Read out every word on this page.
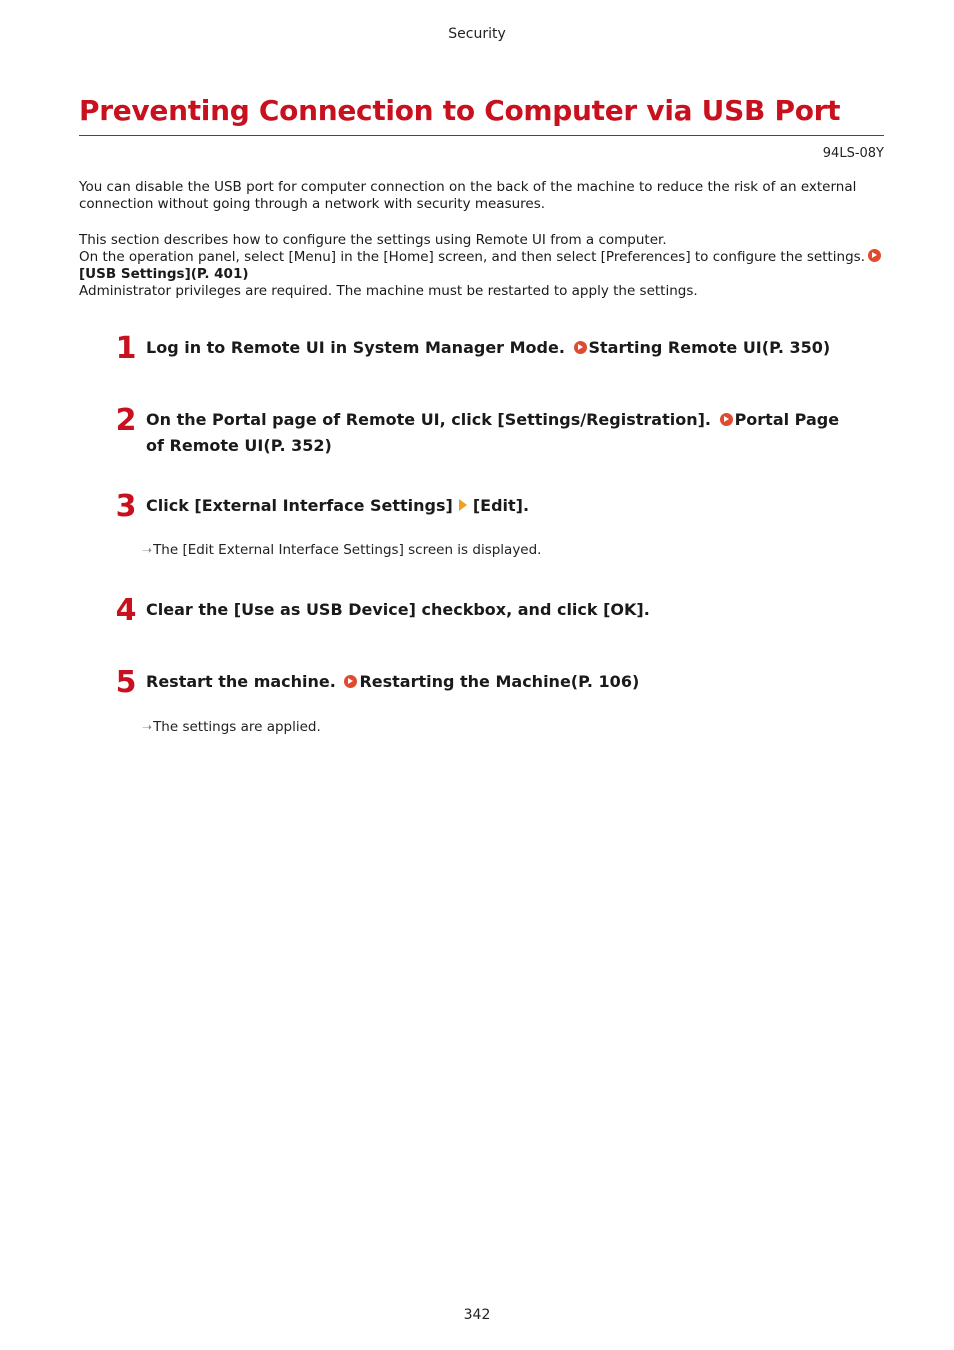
Security
Preventing Connection to Computer via USB Port
94LS-08Y

You can disable the USB port for computer connection on the back of the machine to reduce the risk of an external connection without going through a network with security measures.

This section describes how to configure the settings using Remote UI from a computer.

On the operation panel, select [Menu] in the [Home] screen, and then select [Preferences] to configure the settings.
[USB Settings](P. 401)

Administrator privileges are required. The machine must be restarted to apply the settings.

1 Log in to Remote UI in System Manager Mode. Starting Remote UI(P. 350)
2 On the Portal page of Remote UI, click [Settings/Registration]. Portal Page of Remote UI(P. 352)
3 Click [External Interface Settings] [Edit].
➝ The [Edit External Interface Settings] screen is displayed.
4 Clear the [Use as USB Device] checkbox, and click [OK].
5 Restart the machine. Restarting the Machine(P. 106)
➝ The settings are applied.
342
